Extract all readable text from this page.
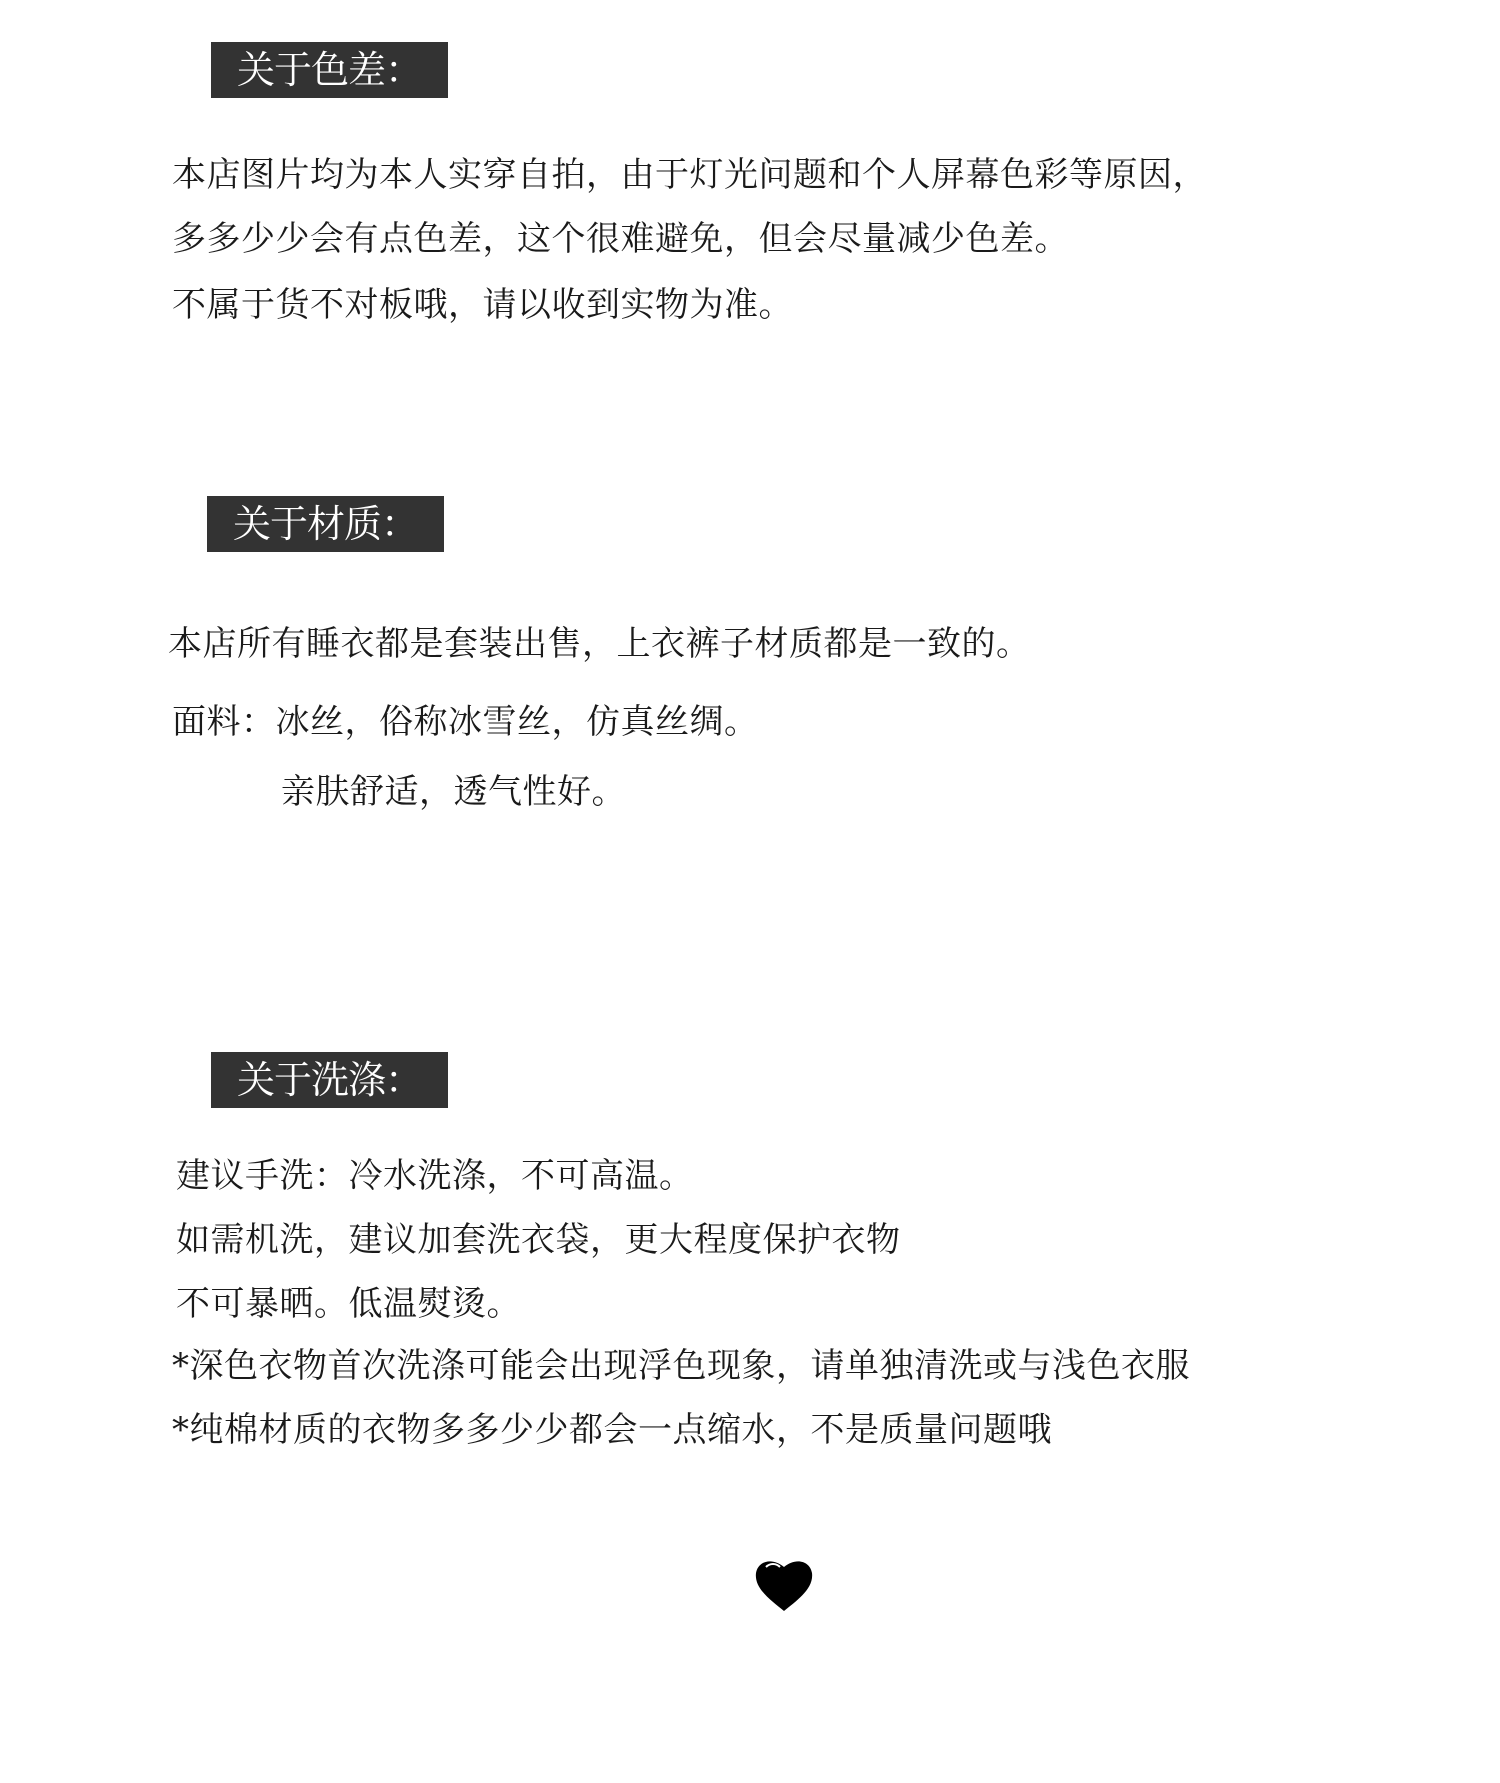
关于色差：
本店图片均为本人实穿自拍，由于灯光问题和个人屏幕色彩等原因，
多多少少会有点色差，这个很难避免，但会尽量减少色差。
不属于货不对板哦，请以收到实物为准。
关于材质：
本店所有睡衣都是套装出售，上衣裤子材质都是一致的。
面料：冰丝，俗称冰雪丝，仿真丝绸。
亲肤舒适，透气性好。
关于洗涤：
建议手洗：冷水洗涤，不可高温。
如需机洗，建议加套洗衣袋，更大程度保护衣物
不可暴晒。低温熨烫。
*深色衣物首次洗涤可能会出现浮色现象，请单独清洗或与浅色衣服
*纯棉材质的衣物多多少少都会一点缩水，不是质量问题哦
